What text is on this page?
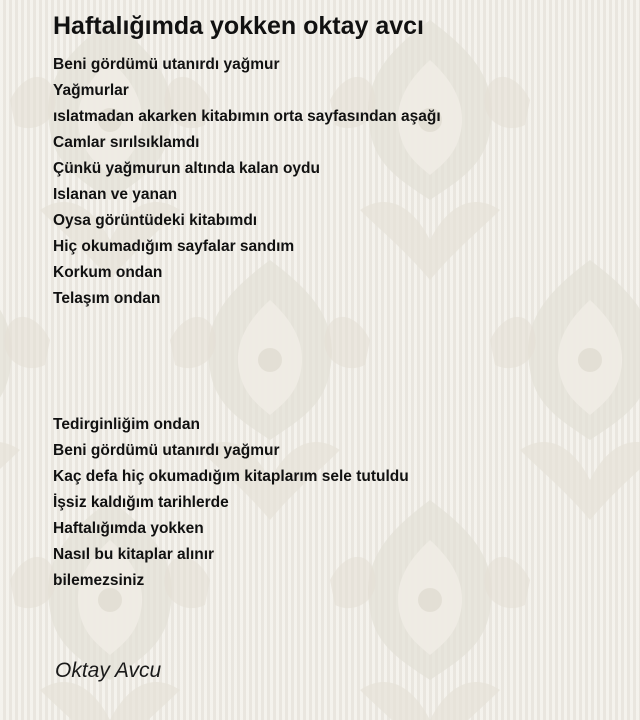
Haftalığımda yokken oktay avcı
Beni gördümü utanırdı yağmur
Yağmurlar
ıslatmadan akarken kitabımın orta sayfasından aşağı
Camlar sırılsıklamdı
Çünkü yağmurun altında kalan oydu
Islanan ve yanan
Oysa görüntüdeki kitabımdı
Hiç okumadığım sayfalar sandım
Korkum ondan
Telaşım ondan
Tedirginliğim ondan
Beni gördümü utanırdı yağmur
Kaç defa hiç okumadığım kitaplarım sele tutuldu
İşsiz kaldığım tarihlerde
Haftalığımda yokken
Nasıl bu kitaplar alınır
bilemezsiniz
Oktay Avcu
